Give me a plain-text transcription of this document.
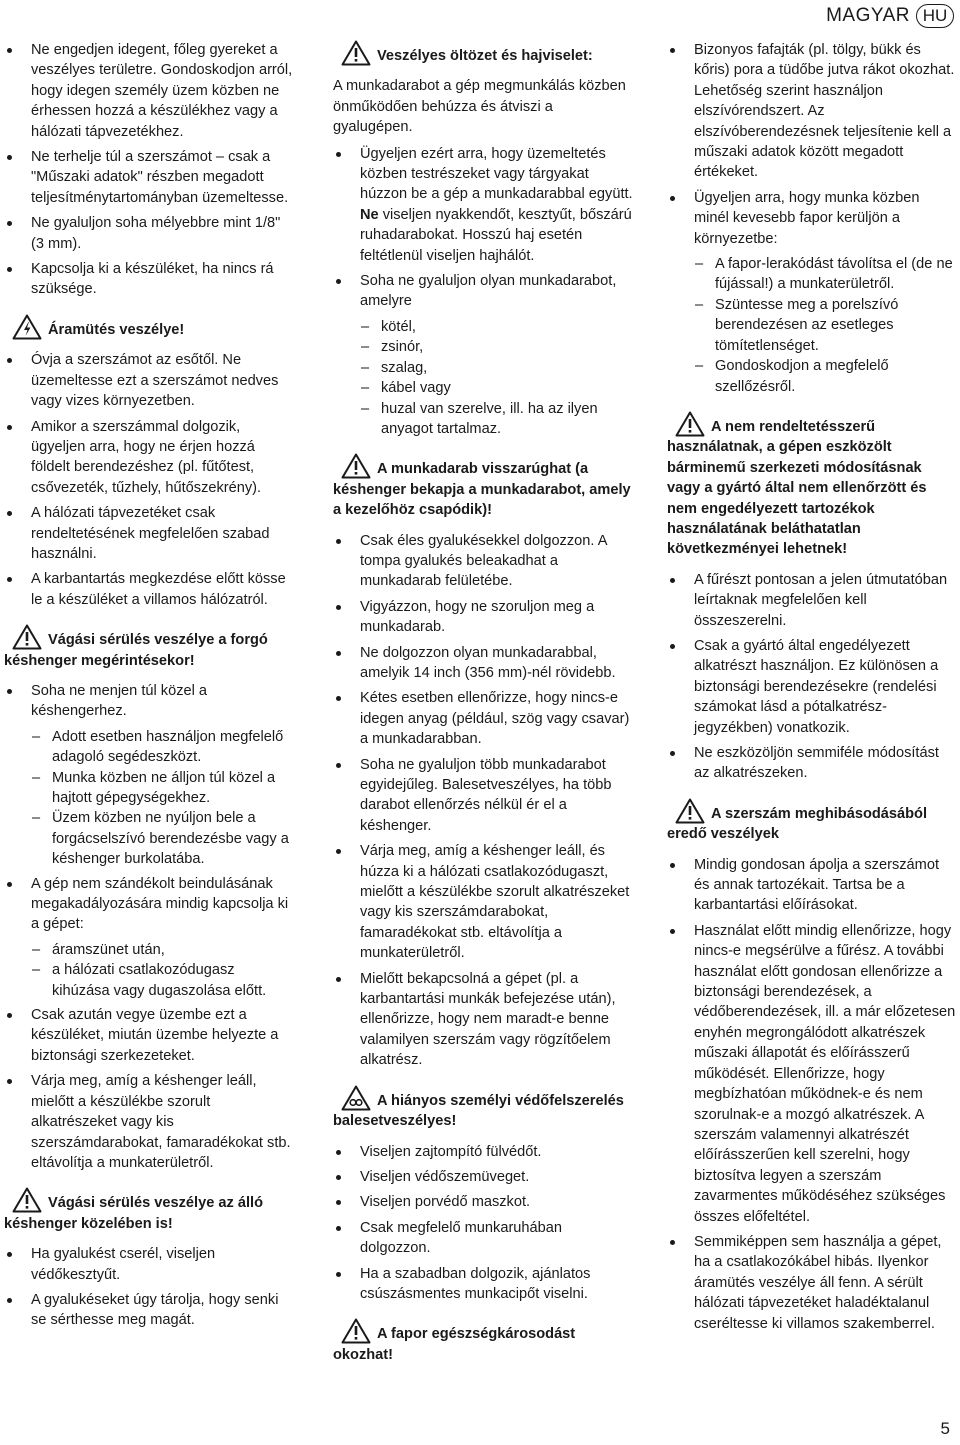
MAGYAR HU
Ne engedjen idegent, főleg gyereket a veszélyes területre. Gondoskodjon arról, hogy idegen személy üzem közben ne érhessen hozzá a készülékhez vagy a hálózati tápvezetékhez.
Ne terhelje túl a szerszámot – csak a "Műszaki adatok" részben megadott teljesítménytartományban üzemeltesse.
Ne gyaluljon soha mélyebbre mint 1/8" (3 mm).
Kapcsolja ki a készüléket, ha nincs rá szüksége.
Áramütés veszélye!
Óvja a szerszámot az esőtől. Ne üzemeltesse ezt a szerszámot nedves vagy vizes környezetben.
Amikor a szerszámmal dolgozik, ügyeljen arra, hogy ne érjen hozzá földelt berendezéshez (pl. fűtőtest, csővezeték, tűzhely, hűtőszekrény).
A hálózati tápvezetéket csak rendeltetésének megfelelően szabad használni.
A karbantartás megkezdése előtt kösse le a készüléket a villamos hálózatról.
Vágási sérülés veszélye a forgó késhenger megérintésekor!
Soha ne menjen túl közel a késhengerhez.
– Adott esetben használjon megfelelő adagoló segédeszközt.
– Munka közben ne álljon túl közel a hajtott gépegységekhez.
– Üzem közben ne nyúljon bele a forgácselszívó berendezésbe vagy a késhenger burkolatába.
A gép nem szándékolt beindulásának megakadályozására mindig kapcsolja ki a gépet:
– áramszünet után,
– a hálózati csatlakozódugasz kihúzása vagy dugaszolása előtt.
Csak azután vegye üzembe ezt a készüléket, miután üzembe helyezte a biztonsági szerkezeteket.
Várja meg, amíg a késhenger leáll, mielőtt a készülékbe szorult alkatrészeket vagy kis szerszámdarabokat, famaradékokat stb. eltávolítja a munkaterületről.
Vágási sérülés veszélye az álló késhenger közelében is!
Ha gyalukést cserél, viseljen védőkesztyűt.
A gyalukéseket úgy tárolja, hogy senki se sérthesse meg magát.
Veszélyes öltözet és hajviselet:

A munkadarabot a gép megmunkálás közben önműködően behúzza és átviszi a gyalugépen.

Ügyeljen ezért arra, hogy üzemeltetés közben testrészeket vagy tárgyakat húzzon be a gép a munkadarabbal együtt. Ne viseljen nyakkendőt, kesztyűt, bőszárú ruhadarabokat. Hosszú haj esetén feltétlenül viseljen hajhálót.
Soha ne gyaluljon olyan munkadarabot, amelyre
– kötél,
– zsinór,
– szalag,
– kábel vagy
– huzal van szerelve, ill. ha az ilyen anyagot tartalmaz.
A munkadarab visszarúghat (a késhenger bekapja a munkadarabot, amely a kezelőhöz csapódik)!
Csak éles gyalukésekkel dolgozzon. A tompa gyalukés beleakadhat a munkadarab felületébe.
Vigyázzon, hogy ne szoruljon meg a munkadarab.
Ne dolgozzon olyan munkadarabbal, amelyik 14 inch (356 mm)-nél rövidebb.
Kétes esetben ellenőrizze, hogy nincs-e idegen anyag (például, szög vagy csavar) a munkadarabban.
Soha ne gyaluljon több munkadarabot egyidejűleg. Balesetveszélyes, ha több darabot ellenőrzés nélkül ér el a késhenger.
Várja meg, amíg a késhenger leáll, és húzza ki a hálózati csatlakozódugaszt, mielőtt a készülékbe szorult alkatrészeket vagy kis szerszámdarabokat, famaradékokat stb. eltávolítja a munkaterületről.
Mielőtt bekapcsolná a gépet (pl. a karbantartási munkák befejezése után), ellenőrizze, hogy nem maradt-e benne valamilyen szerszám vagy rögzítőelem alkatrész.
A hiányos személyi védőfelszerelés balesetveszélyes!
Viseljen zajtompító fülvédőt.
Viseljen védőszemüveget.
Viseljen porvédő maszkot.
Csak megfelelő munkaruhában dolgozzon.
Ha a szabadban dolgozik, ajánlatos csúszásmentes munkacipőt viselni.
A fapor egészségkárosodást okozhat!
Bizonyos fafajták (pl. tölgy, bükk és kőris) pora a tüdőbe jutva rákot okozhat. Lehetőség szerint használjon elszívórendszert. Az elszívóberendezésnek teljesítenie kell a műszaki adatok között megadott értékeket.
Ügyeljen arra, hogy munka közben minél kevesebb fapor kerüljön a környezetbe:
– A fapor-lerakódást távolítsa el (de ne fújással!) a munkaterületről.
– Szüntesse meg a porelszívó berendezésen az esetleges tömítetlenséget.
– Gondoskodjon a megfelelő szellőzésről.
A nem rendeltetésszerű használatnak, a gépen eszközölt bárminemű szerkezeti módosításnak vagy a gyártó által nem ellenőrzött és nem engedélyezett tartozékok használatának beláthatatlan következményei lehetnek!
A fűrészt pontosan a jelen útmutatóban leírtaknak megfelelően kell összeszerelni.
Csak a gyártó által engedélyezett alkatrészt használjon. Ez különösen a biztonsági berendezésekre (rendelési számokat lásd a pótalkatrész-jegyzékben) vonatkozik.
Ne eszközöljön semmiféle módosítást az alkatrészeken.
A szerszám meghibásodásából eredő veszélyek
Mindig gondosan ápolja a szerszámot és annak tartozékait. Tartsa be a karbantartási előírásokat.
Használat előtt mindig ellenőrizze, hogy nincs-e megsérülve a fűrész. A további használat előtt gondosan ellenőrizze a biztonsági berendezések, a védőberendezések, ill. a már előzetesen enyhén megrongálódott alkatrészek műszaki állapotát és előírásszerű működését. Ellenőrizze, hogy megbízhatóan működnek-e és nem szorulnak-e a mozgó alkatrészek. A szerszám valamennyi alkatrészét előírásszerűen kell szerelni, hogy biztosítva legyen a szerszám zavarmentes működéséhez szükséges összes előfeltétel.
Semmiképpen sem használja a gépet, ha a csatlakozókábel hibás. Ilyenkor áramütés veszélye áll fenn. A sérült hálózati tápvezetéket haladéktalanul cseréltesse ki villamos szakemberrel.
5
